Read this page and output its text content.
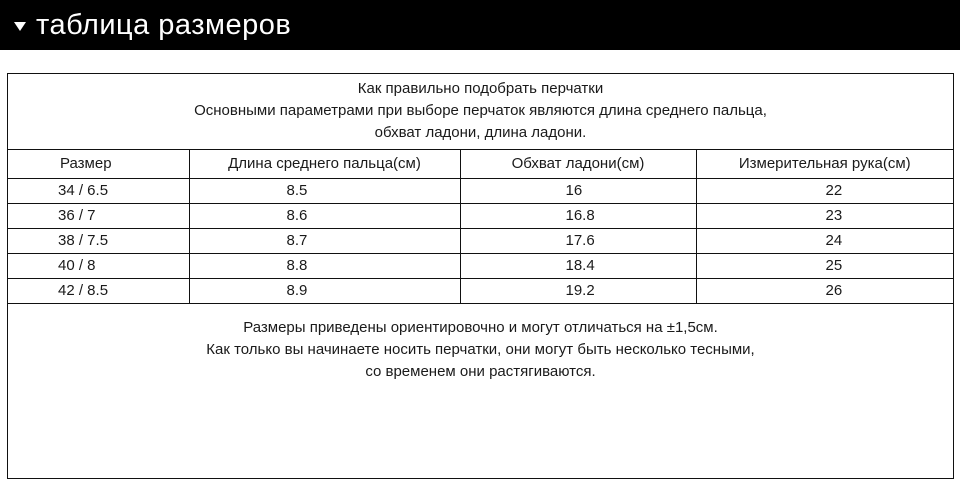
таблица размеров
Как правильно подобрать перчатки
Основными параметрами при выборе перчаток являются длина среднего пальца,
обхват ладони, длина ладони.
Размер	Длина среднего пальца(см)	Обхват ладони(см)	Измерительная рука(см)
34 / 6.5	8.5	16	22
36 / 7	8.6	16.8	23
38 / 7.5	8.7	17.6	24
40 / 8	8.8	18.4	25
42 / 8.5	8.9	19.2	26
Размеры приведены ориентировочно и могут отличаться на ±1,5см.
Как только вы начинаете носить перчатки, они могут быть несколько тесными,
со временем они растягиваются.
